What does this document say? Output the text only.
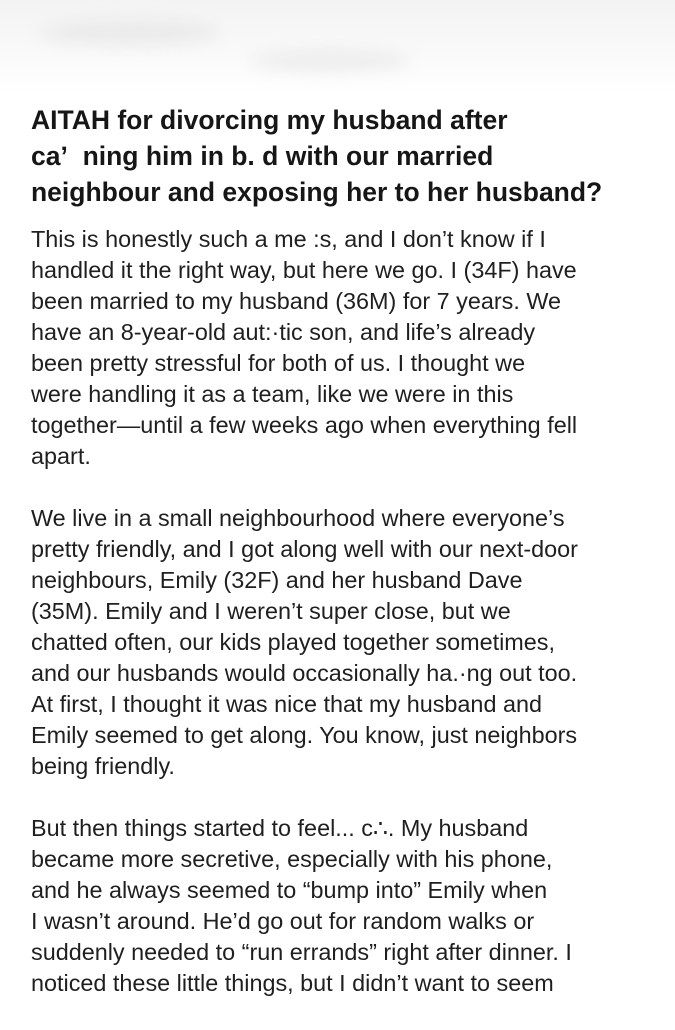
AITAH for divorcing my husband after
caʼ  ning him in b. d with our married
neighbour and exposing her to her husband?
This is honestly such a me :s, and I don’t know if I
handled it the right way, but here we go. I (34F) have
been married to my husband (36M) for 7 years. We
have an 8-year-old aut:·tic son, and life’s already
been pretty stressful for both of us. I thought we
were handling it as a team, like we were in this
together—until a few weeks ago when everything fell
apart.
We live in a small neighbourhood where everyone’s
pretty friendly, and I got along well with our next-door
neighbours, Emily (32F) and her husband Dave
(35M). Emily and I weren’t super close, but we
chatted often, our kids played together sometimes,
and our husbands would occasionally ha.·ng out too.
At first, I thought it was nice that my husband and
Emily seemed to get along. You know, just neighbors
being friendly.
But then things started to feel... c∴. My husband
became more secretive, especially with his phone,
and he always seemed to “bump into” Emily when
I wasn’t around. He’d go out for random walks or
suddenly needed to “run errands” right after dinner. I
noticed these little things, but I didn’t want to seem
